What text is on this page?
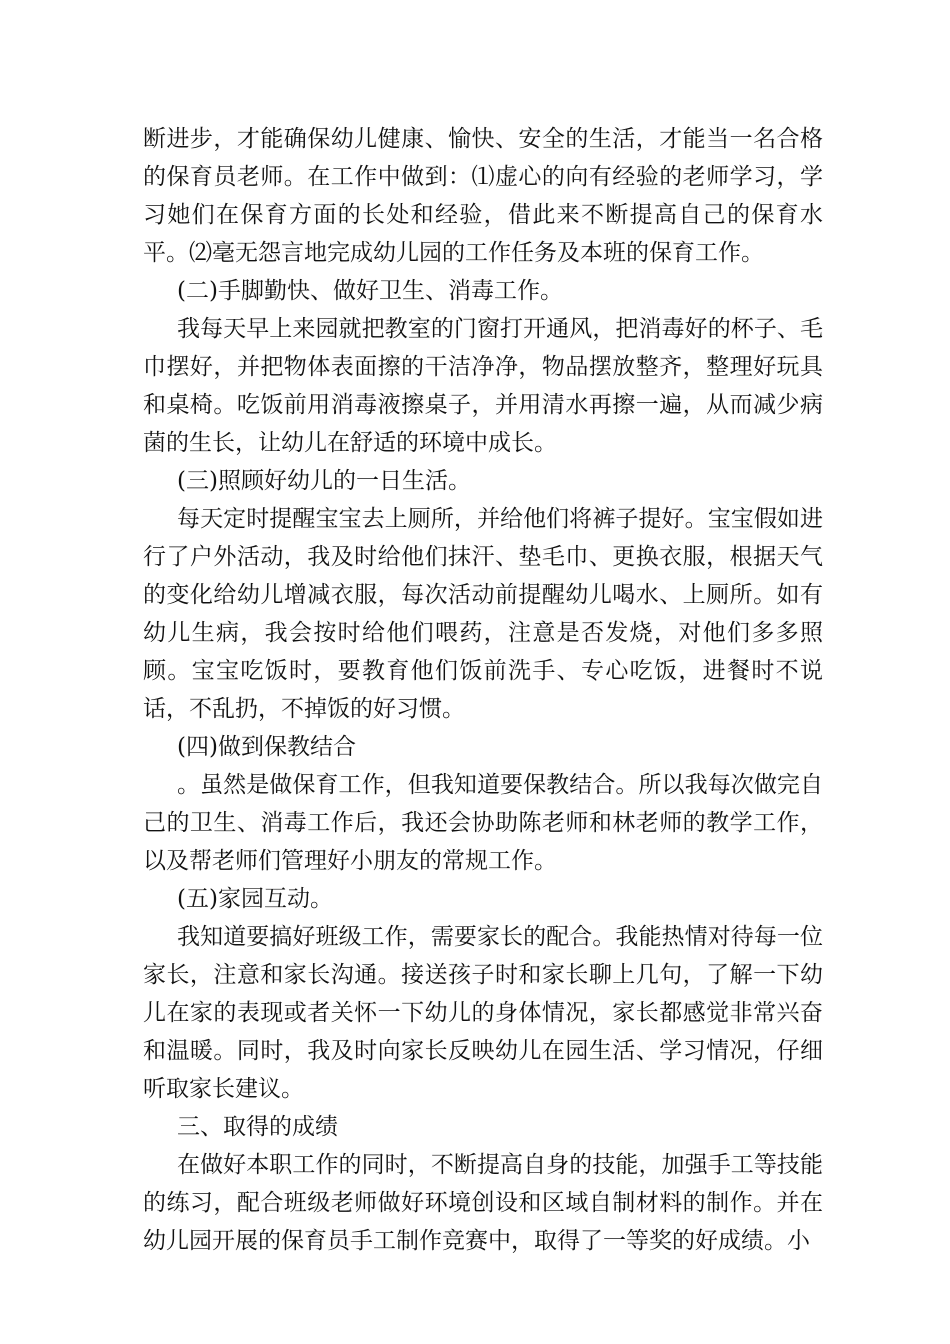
断进步，才能确保幼儿健康、愉快、安全的生活，才能当一名合格的保育员老师。在工作中做到：⑴虚心的向有经验的老师学习，学习她们在保育方面的长处和经验，借此来不断提高自己的保育水平。⑵毫无怨言地完成幼儿园的工作任务及本班的保育工作。

(二)手脚勤快、做好卫生、消毒工作。

我每天早上来园就把教室的门窗打开通风，把消毒好的杯子、毛巾摆好，并把物体表面擦的干洁净净，物品摆放整齐，整理好玩具和桌椅。吃饭前用消毒液擦桌子，并用清水再擦一遍，从而减少病菌的生长，让幼儿在舒适的环境中成长。

(三)照顾好幼儿的一日生活。

每天定时提醒宝宝去上厕所，并给他们将裤子提好。宝宝假如进行了户外活动，我及时给他们抹汗、垫毛巾、更换衣服，根据天气的变化给幼儿增减衣服，每次活动前提醒幼儿喝水、上厕所。如有幼儿生病，我会按时给他们喂药，注意是否发烧，对他们多多照顾。宝宝吃饭时，要教育他们饭前洗手、专心吃饭，进餐时不说话，不乱扔，不掉饭的好习惯。

(四)做到保教结合

。虽然是做保育工作，但我知道要保教结合。所以我每次做完自己的卫生、消毒工作后，我还会协助陈老师和林老师的教学工作，以及帮老师们管理好小朋友的常规工作。

(五)家园互动。

我知道要搞好班级工作，需要家长的配合。我能热情对待每一位家长，注意和家长沟通。接送孩子时和家长聊上几句，了解一下幼儿在家的表现或者关怀一下幼儿的身体情况，家长都感觉非常兴奋和温暖。同时，我及时向家长反映幼儿在园生活、学习情况，仔细听取家长建议。

三、取得的成绩

在做好本职工作的同时，不断提高自身的技能，加强手工等技能的练习，配合班级老师做好环境创设和区域自制材料的制作。并在幼儿园开展的保育员手工制作竞赛中，取得了一等奖的好成绩。小
